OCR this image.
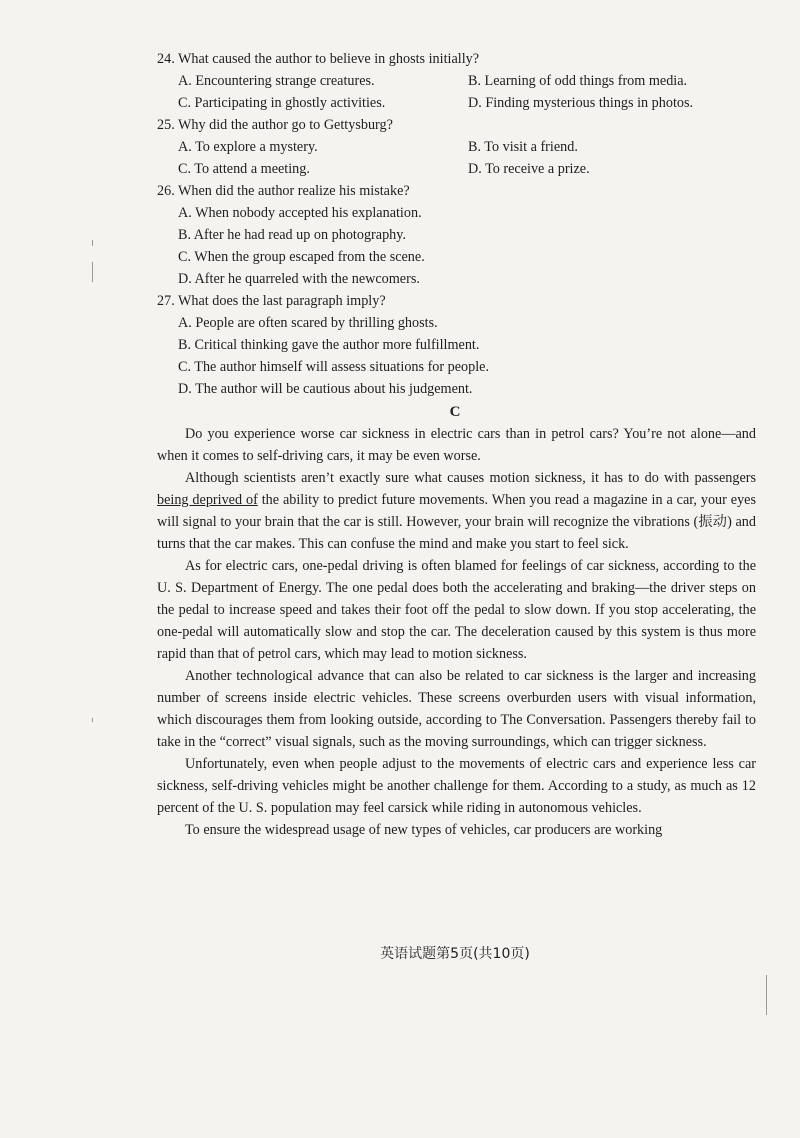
24. What caused the author to believe in ghosts initially?
A. Encountering strange creatures.	B. Learning of odd things from media.
C. Participating in ghostly activities.	D. Finding mysterious things in photos.
25. Why did the author go to Gettysburg?
A. To explore a mystery.	B. To visit a friend.
C. To attend a meeting.	D. To receive a prize.
26. When did the author realize his mistake?
A. When nobody accepted his explanation.
B. After he had read up on photography.
C. When the group escaped from the scene.
D. After he quarreled with the newcomers.
27. What does the last paragraph imply?
A. People are often scared by thrilling ghosts.
B. Critical thinking gave the author more fulfillment.
C. The author himself will assess situations for people.
D. The author will be cautious about his judgement.
C

Do you experience worse car sickness in electric cars than in petrol cars? You’re not alone—and when it comes to self-driving cars, it may be even worse.

Although scientists aren’t exactly sure what causes motion sickness, it has to do with passengers being deprived of the ability to predict future movements. When you read a magazine in a car, your eyes will signal to your brain that the car is still. However, your brain will recognize the vibrations (振动) and turns that the car makes. This can confuse the mind and make you start to feel sick.

As for electric cars, one-pedal driving is often blamed for feelings of car sickness, according to the U. S. Department of Energy. The one pedal does both the accelerating and braking—the driver steps on the pedal to increase speed and takes their foot off the pedal to slow down. If you stop accelerating, the one-pedal will automatically slow and stop the car. The deceleration caused by this system is thus more rapid than that of petrol cars, which may lead to motion sickness.

Another technological advance that can also be related to car sickness is the larger and increasing number of screens inside electric vehicles. These screens overburden users with visual information, which discourages them from looking outside, according to The Conversation. Passengers thereby fail to take in the “correct” visual signals, such as the moving surroundings, which can trigger sickness.

Unfortunately, even when people adjust to the movements of electric cars and experience less car sickness, self-driving vehicles might be another challenge for them. According to a study, as much as 12 percent of the U. S. population may feel carsick while riding in autonomous vehicles.

To ensure the widespread usage of new types of vehicles, car producers are working

英语试题第5页(共10页)
